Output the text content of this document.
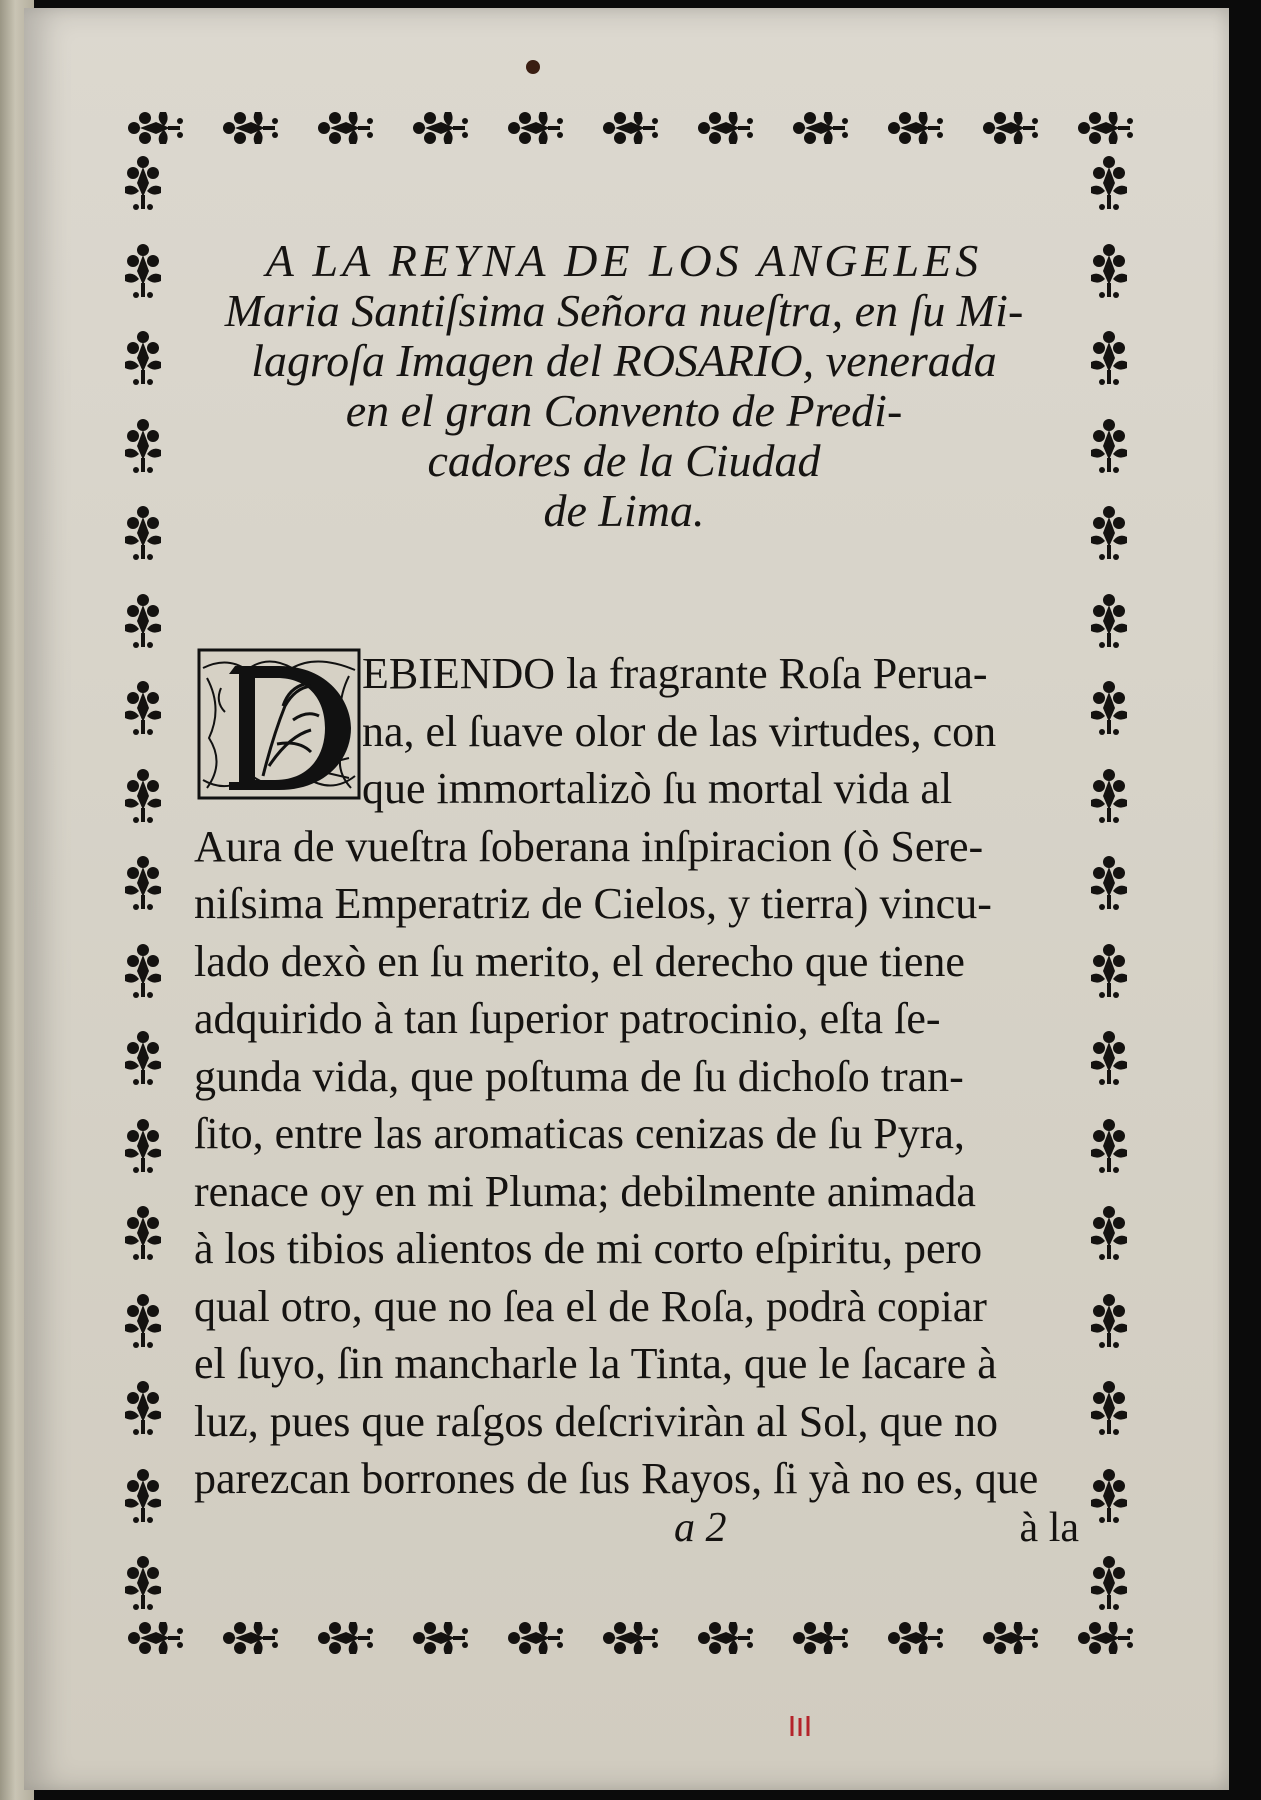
A LA REYNA DE LOS ANGELES
Maria Santiſsima Señora nueſtra, en ſu Mi-
lagroſa Imagen del ROSARIO, venerada
en el gran Convento de Predi-
cadores de la Ciudad
de Lima.
EBIENDO la fragrante Roſa Perua-
na, el ſuave olor de las virtudes, con
que immortalizò ſu mortal vida al
Aura de vueſtra ſoberana inſpiracion (ò Sere-
niſsima Emperatriz de Cielos, y tierra) vincu-
lado dexò en ſu merito, el derecho que tiene
adquirido à tan ſuperior patrocinio, eſta ſe-
gunda vida, que poſtuma de ſu dichoſo tran-
ſito, entre las aromaticas cenizas de ſu Pyra,
renace oy en mi Pluma; debilmente animada
à los tibios alientos de mi corto eſpiritu, pero
qual otro, que no ſea el de Roſa, podrà copiar
el ſuyo, ſin mancharle la Tinta, que le ſacare à
luz, pues que raſgos deſcriviràn al Sol, que no
parezcan borrones de ſus Rayos, ſi yà no es, que
a 2	à la
